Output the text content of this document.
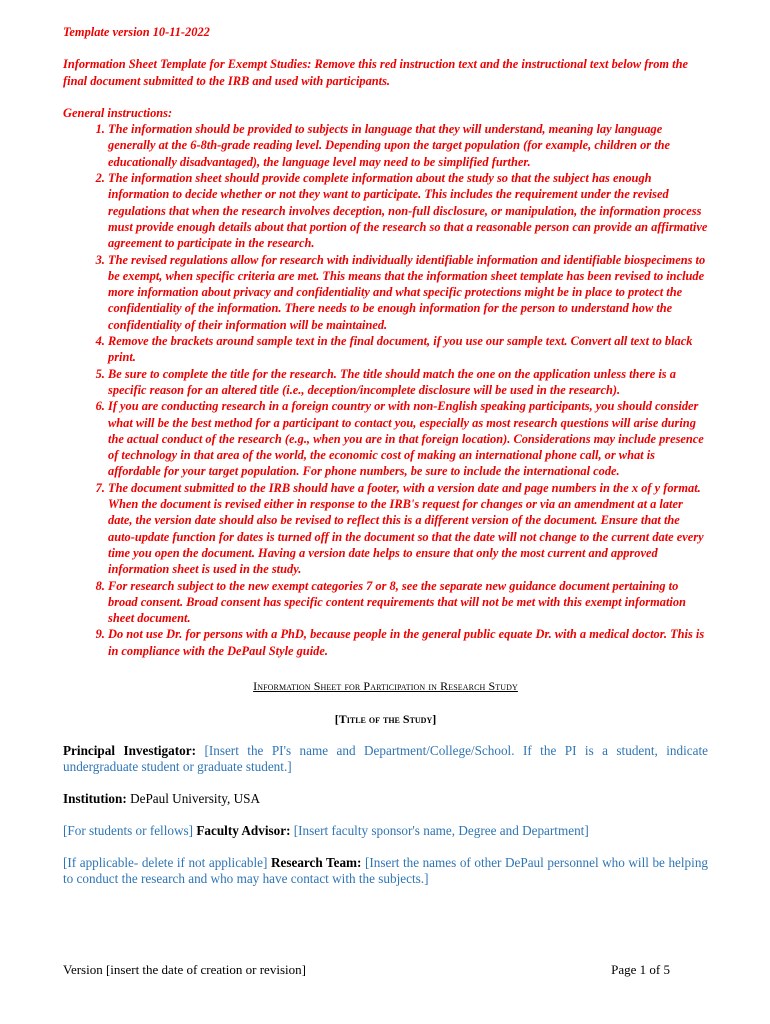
Template version 10-11-2022

Information Sheet Template for Exempt Studies: Remove this red instruction text and the instructional text below from the final document submitted to the IRB and used with participants.

General instructions:

1. The information should be provided to subjects in language that they will understand, meaning lay language generally at the 6-8th-grade reading level. Depending upon the target population (for example, children or the educationally disadvantaged), the language level may need to be simplified further.
2. The information sheet should provide complete information about the study so that the subject has enough information to decide whether or not they want to participate. This includes the requirement under the revised regulations that when the research involves deception, non-full disclosure, or manipulation, the information process must provide enough details about that portion of the research so that a reasonable person can provide an affirmative agreement to participate in the research.
3. The revised regulations allow for research with individually identifiable information and identifiable biospecimens to be exempt, when specific criteria are met. This means that the information sheet template has been revised to include more information about privacy and confidentiality and what specific protections might be in place to protect the confidentiality of the information. There needs to be enough information for the person to understand how the confidentiality of their information will be maintained.
4. Remove the brackets around sample text in the final document, if you use our sample text. Convert all text to black print.
5. Be sure to complete the title for the research. The title should match the one on the application unless there is a specific reason for an altered title (i.e., deception/incomplete disclosure will be used in the research).
6. If you are conducting research in a foreign country or with non-English speaking participants, you should consider what will be the best method for a participant to contact you, especially as most research questions will arise during the actual conduct of the research (e.g., when you are in that foreign location). Considerations may include presence of technology in that area of the world, the economic cost of making an international phone call, or what is affordable for your target population. For phone numbers, be sure to include the international code.
7. The document submitted to the IRB should have a footer, with a version date and page numbers in the x of y format. When the document is revised either in response to the IRB's request for changes or via an amendment at a later date, the version date should also be revised to reflect this is a different version of the document. Ensure that the auto-update function for dates is turned off in the document so that the date will not change to the current date every time you open the document. Having a version date helps to ensure that only the most current and approved information sheet is used in the study.
8. For research subject to the new exempt categories 7 or 8, see the separate new guidance document pertaining to broad consent. Broad consent has specific content requirements that will not be met with this exempt information sheet document.
9. Do not use Dr. for persons with a PhD, because people in the general public equate Dr. with a medical doctor. This is in compliance with the DePaul Style guide.
Information Sheet for Participation in Research Study
[Title of the Study]
Principal Investigator: [Insert the PI's name and Department/College/School. If the PI is a student, indicate undergraduate student or graduate student.]
Institution: DePaul University, USA
[For students or fellows] Faculty Advisor: [Insert faculty sponsor's name, Degree and Department]
[If applicable- delete if not applicable] Research Team: [Insert the names of other DePaul personnel who will be helping to conduct the research and who may have contact with the subjects.]
Version [insert the date of creation or revision]	Page 1 of 5
